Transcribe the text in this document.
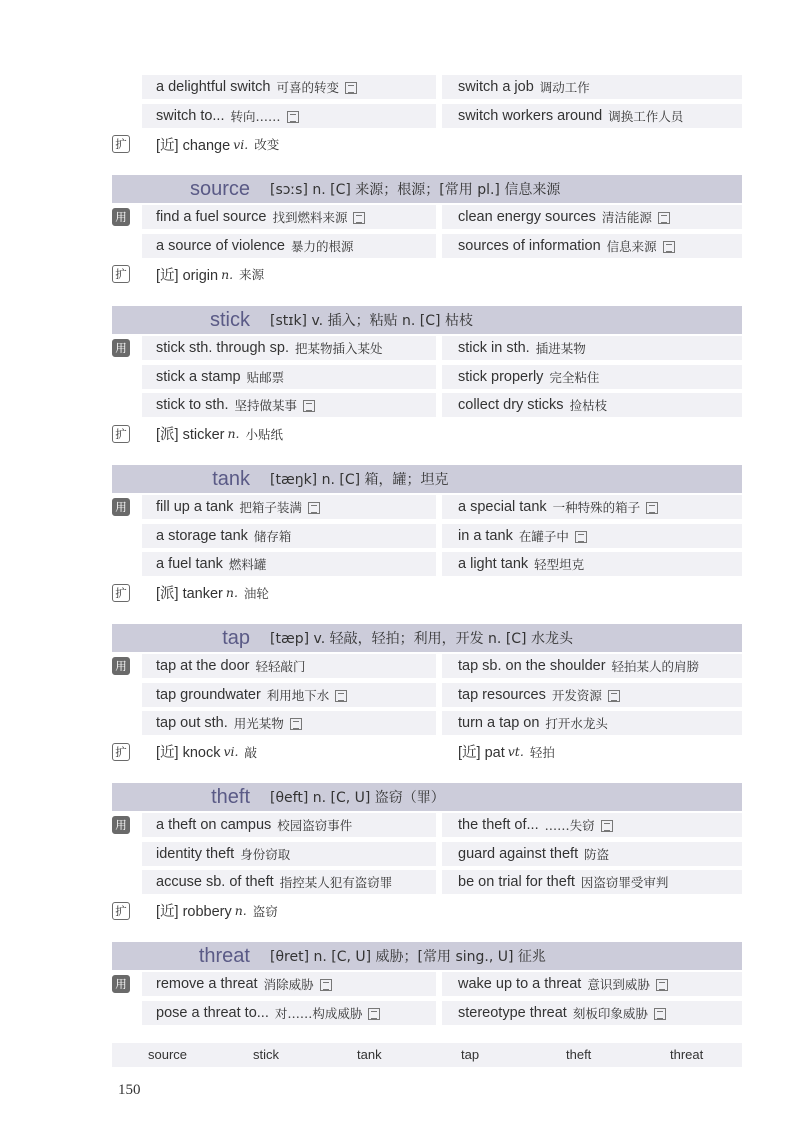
a delightful switch 可喜的转变	switch a job 调动工作
switch to... 转向……	switch workers around 调换工作人员
扩 [近] change vi. 改变
source [sɔːs] n. [C] 来源；根源；[常用 pl.] 信息来源
用 find a fuel source 找到燃料来源	clean energy sources 清洁能源
a source of violence 暴力的根源	sources of information 信息来源
扩 [近] origin n. 来源
stick [stɪk] v. 插入；粘贴 n. [C] 枯枝
用 stick sth. through sp. 把某物插入某处	stick in sth. 插进某物
stick a stamp 贴邮票	stick properly 完全粘住
stick to sth. 坚持做某事	collect dry sticks 捡枯枝
扩 [派] sticker n. 小贴纸
tank [tæŋk] n. [C] 箱，罐；坦克
用 fill up a tank 把箱子装满	a special tank 一种特殊的箱子
a storage tank 储存箱	in a tank 在罐子中
a fuel tank 燃料罐	a light tank 轻型坦克
扩 [派] tanker n. 油轮
tap [tæp] v. 轻敲，轻拍；利用，开发 n. [C] 水龙头
用 tap at the door 轻轻敲门	tap sb. on the shoulder 轻拍某人的肩膀
tap groundwater 利用地下水	tap resources 开发资源
tap out sth. 用光某物	turn a tap on 打开水龙头
扩 [近] knock vi. 敲	[近] pat vt. 轻拍
theft [θeft] n. [C, U] 盗窃（罪）
用 a theft on campus 校园盗窃事件	the theft of... ……失窃
identity theft 身份窃取	guard against theft 防盗
accuse sb. of theft 指控某人犯有盗窃罪	be on trial for theft 因盗窃罪受审判
扩 [近] robbery n. 盗窃
threat [θret] n. [C, U] 威胁；[常用 sing., U] 征兆
用 remove a threat 消除威胁	wake up to a threat 意识到威胁
pose a threat to... 对……构成威胁	stereotype threat 刻板印象威胁
source	stick	tank	tap	theft	threat
150
